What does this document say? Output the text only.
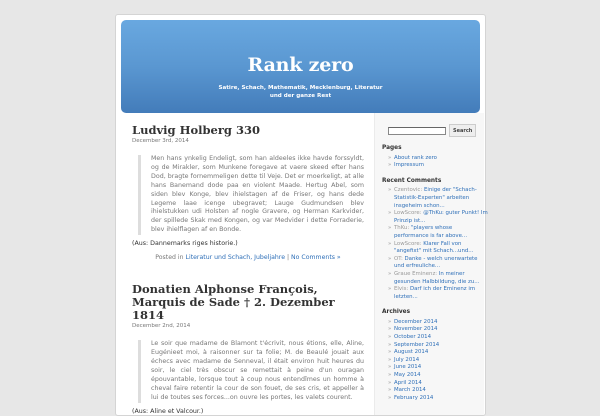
Rank zero
Satire, Schach, Mathematik, Mecklenburg, Literatur
und der ganze Rest
Ludvig Holberg 330
December 3rd, 2014
Men hans ynkelig Endeligt, som han aldeeles ikke havde forssyldt, og de Mirakler, som Munkene foregave at vaere skeed efter hans Dod, bragte fornemmeligen dette til Veje. Det er moerkeligt, at alle hans Banemand dode paa en violent Maade. Hertug Abel, som siden blev Konge, blev ihielstagen af de Friser, og hans dede Legeme laae icenge ubegravet; Lauge Gudmundsen blev ihielstukken udi Holsten af nogle Gravere, og Herman Karkvider, der spillede Skak med Kongen, og var Medvider i dette Forraderie, blev ihielflagen af en Bonde.
(Aus: Dannemarks riges historie.)
Posted in Literatur und Schach, Jubeljahre | No Comments »
Donatien Alphonse François, Marquis de Sade † 2. Dezember 1814
December 2nd, 2014
Le soir que madame de Blamont t'écrivit, nous étions, elle, Aline, Eugénieet moi, à raisonner sur ta folie; M. de Beaulé jouait aux échecs avec madame de Senneval, il était environ huit heures du soir, le ciel très obscur se remettait à peine d'un ouragan épouvantable, lorsque tout à coup nous entendîmes un homme à cheval faire retentir la cour de son fouet, de ses cris, et appeller à lui de toutes ses forces...on ouvre les portes, les valets courent.
(Aus: Aline et Valcour.)
Search
Pages
» About rank zero
» Impressum
Recent Comments
» Czentovic: Einige der "Schach-Statistik-Experten" arbeiten insgeheim schon...
» LowScore: @ThKu: guter Punkt! Im Prinzip ist...
» ThKu: "players whose performance is far above...
» LowScore: Klarer Fall von "angefixt" mit Schach...und...
» OT: Danke - welch unerwartete und erfreuliche...
» Graue Eminenz: In meiner gesunden Halbbildung, die zu...
» Elvis: Darf ich der Eminenz im letzten...
Archives
» December 2014
» November 2014
» October 2014
» September 2014
» August 2014
» July 2014
» June 2014
» May 2014
» April 2014
» March 2014
» February 2014
